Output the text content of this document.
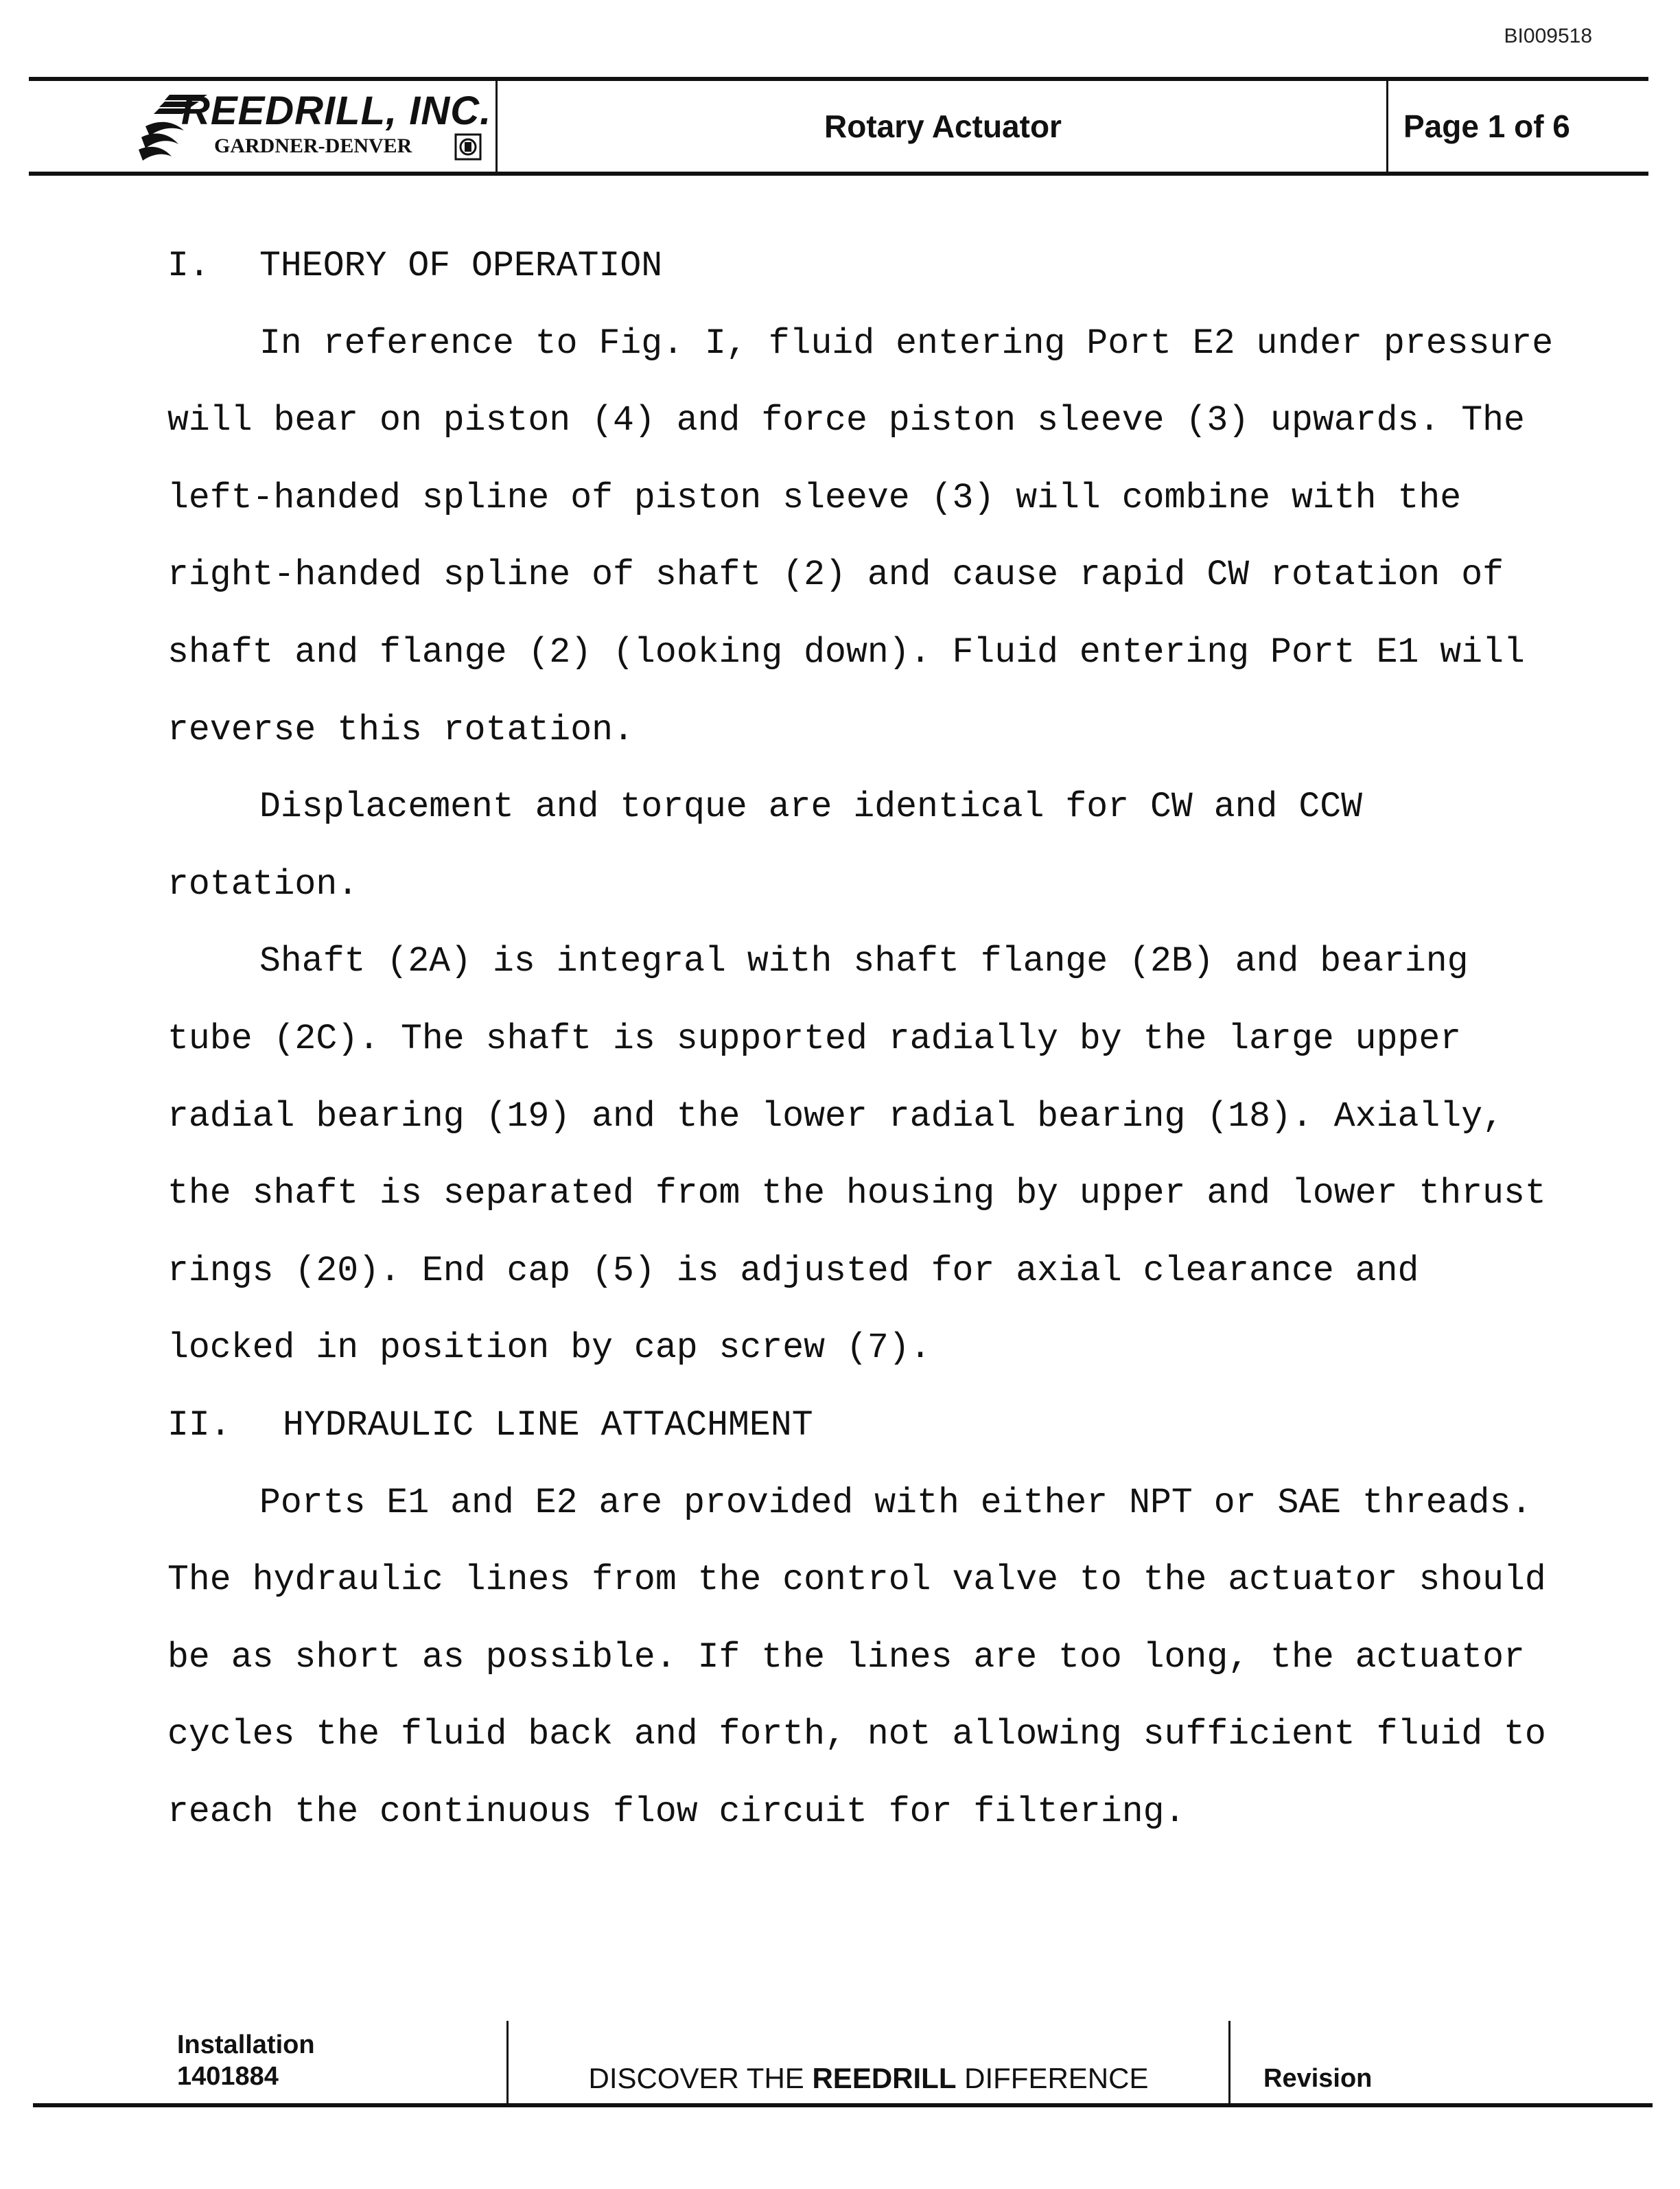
BI009518
REEDRILL, INC.
GARDNER-DENVER
Rotary Actuator	Page 1 of 6

I. THEORY OF OPERATION

In reference to Fig. I, fluid entering Port E2 under pressure will bear on piston (4) and force piston sleeve (3) upwards. The left-handed spline of piston sleeve (3) will combine with the right-handed spline of shaft (2) and cause rapid CW rotation of shaft and flange (2) (looking down). Fluid entering Port E1 will reverse this rotation.

Displacement and torque are identical for CW and CCW rotation.

Shaft (2A) is integral with shaft flange (2B) and bearing tube (2C). The shaft is supported radially by the large upper radial bearing (19) and the lower radial bearing (18). Axially, the shaft is separated from the housing by upper and lower thrust rings (20). End cap (5) is adjusted for axial clearance and locked in position by cap screw (7).

II. HYDRAULIC LINE ATTACHMENT

Ports E1 and E2 are provided with either NPT or SAE threads. The hydraulic lines from the control valve to the actuator should be as short as possible. If the lines are too long, the actuator cycles the fluid back and forth, not allowing sufficient fluid to reach the continuous flow circuit for filtering.

Installation
1401884	DISCOVER THE REEDRILL DIFFERENCE	Revision
